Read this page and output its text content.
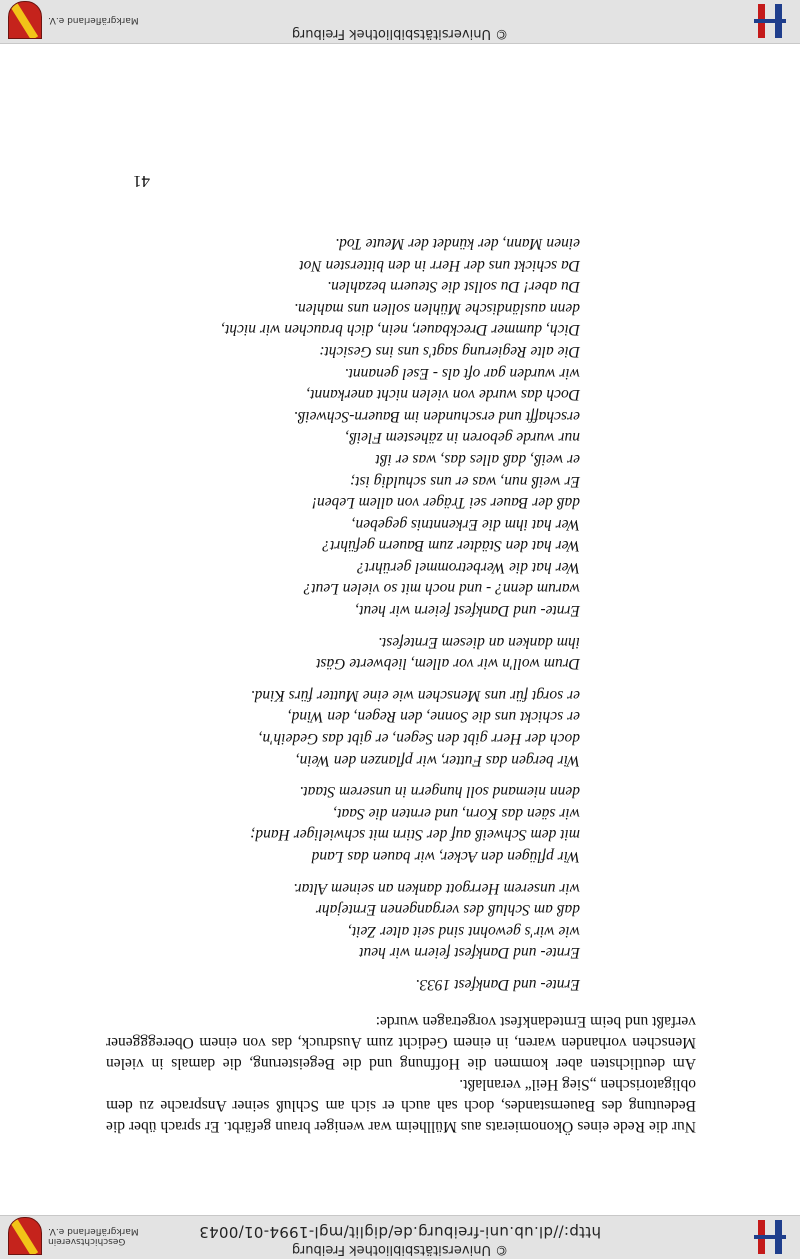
© Universitätsbibliothek Freiburg
http://dl.ub.uni-freiburg.de/diglit/mgl-1994-01/0043
Geschichtsverein
Markgräflerland e.V.

Nur die Rede eines Ökonomierats aus Müllheim war weniger braun gefärbt. Er sprach über die Bedeutung des Bauernstandes, doch sah auch er sich am Schluß seiner Ansprache zu dem obligatorischen „Sieg Heil“ veranlaßt.

Am deutlichsten aber kommen die Hoffnung und die Begeisterung, die damals in vielen Menschen vorhanden waren, in einem Gedicht zum Ausdruck, das von einem Oberegggener verfaßt und beim Erntedankfest vorgetragen wurde:

Ernte- und Dankfest 1933.
Ernte- und Dankfest feiern wir heut
wie wir's gewohnt sind seit alter Zeit,
daß am Schluß des vergangenen Erntejahr
wir unserem Herrgott danken an seinem Altar.
Wir pflügen den Acker, wir bauen das Land
mit dem Schweiß auf der Stirn mit schwieliger Hand;
wir säen das Korn, und ernten die Saat,
denn niemand soll hungern in unserem Staat.
Wir bergen das Futter, wir pflanzen den Wein,
doch der Herr gibt den Segen, er gibt das Gedeih'n,
er schickt uns die Sonne, den Regen, den Wind,
er sorgt für uns Menschen wie eine Mutter fürs Kind.
Drum woll'n wir vor allem, liebwerte Gäst
ihm danken an diesem Erntefest.
Ernte- und Dankfest feiern wir heut,
warum denn? - und noch mit so vielen Leut?
Wer hat die Werbetrommel gerührt?
Wer hat den Städter zum Bauern geführt?
Wer hat ihm die Erkenntnis gegeben,
daß der Bauer sei Träger von allem Leben!
Er weiß nun, was er uns schuldig ist;
er weiß, daß alles das, was er ißt
nur wurde geboren in zähestem Fleiß,
erschafft und erschunden im Bauern-Schweiß.
Doch das wurde von vielen nicht anerkannt,
wir wurden gar oft als - Esel genannt.
Die alte Regierung sagt's uns ins Gesicht:
Dich, dummer Dreckbauer, nein, dich brauchen wir nicht,
denn ausländische Mühlen sollen uns mahlen.
Du aber! Du sollst die Steuern bezahlen.
Da schickt uns der Herr in den bittersten Not
einen Mann, der kündet der Meute Tod.
41
© Universitätsbibliothek Freiburg
Markgräflerland e.V.
